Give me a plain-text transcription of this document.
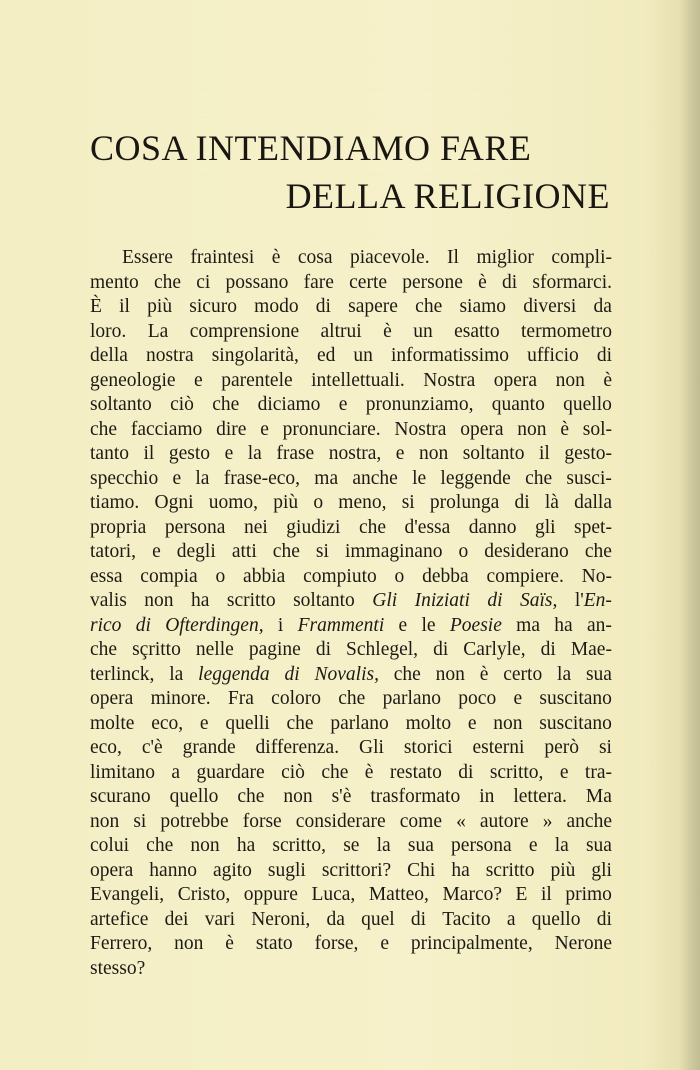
COSA INTENDIAMO FARE
DELLA RELIGIONE
Essere fraintesi è cosa piacevole. Il miglior compli-
mento che ci possano fare certe persone è di sformarci.
È il più sicuro modo di sapere che siamo diversi da
loro. La comprensione altrui è un esatto termometro
della nostra singolarità, ed un informatissimo ufficio di
geneologie e parentele intellettuali. Nostra opera non è
soltanto ciò che diciamo e pronunziamo, quanto quello
che facciamo dire e pronunciare. Nostra opera non è sol-
tanto il gesto e la frase nostra, e non soltanto il gesto-
specchio e la frase-eco, ma anche le leggende che susci-
tiamo. Ogni uomo, più o meno, si prolunga di là dalla
propria persona nei giudizi che d'essa danno gli spet-
tatori, e degli atti che si immaginano o desiderano che
essa compia o abbia compiuto o debba compiere. No-
valis non ha scritto soltanto Gli Iniziati di Saïs, l'En-
rico di Ofterdingen, i Frammenti e le Poesie ma ha an-
che sçritto nelle pagine di Schlegel, di Carlyle, di Mae-
terlinck, la leggenda di Novalis, che non è certo la sua
opera minore. Fra coloro che parlano poco e suscitano
molte eco, e quelli che parlano molto e non suscitano
eco, c'è grande differenza. Gli storici esterni però si
limitano a guardare ciò che è restato di scritto, e tra-
scurano quello che non s'è trasformato in lettera. Ma
non si potrebbe forse considerare come « autore » anche
colui che non ha scritto, se la sua persona e la sua
opera hanno agito sugli scrittori? Chi ha scritto più gli
Evangeli, Cristo, oppure Luca, Matteo, Marco? E il primo
artefice dei vari Neroni, da quel di Tacito a quello di
Ferrero, non è stato forse, e principalmente, Nerone
stesso?
